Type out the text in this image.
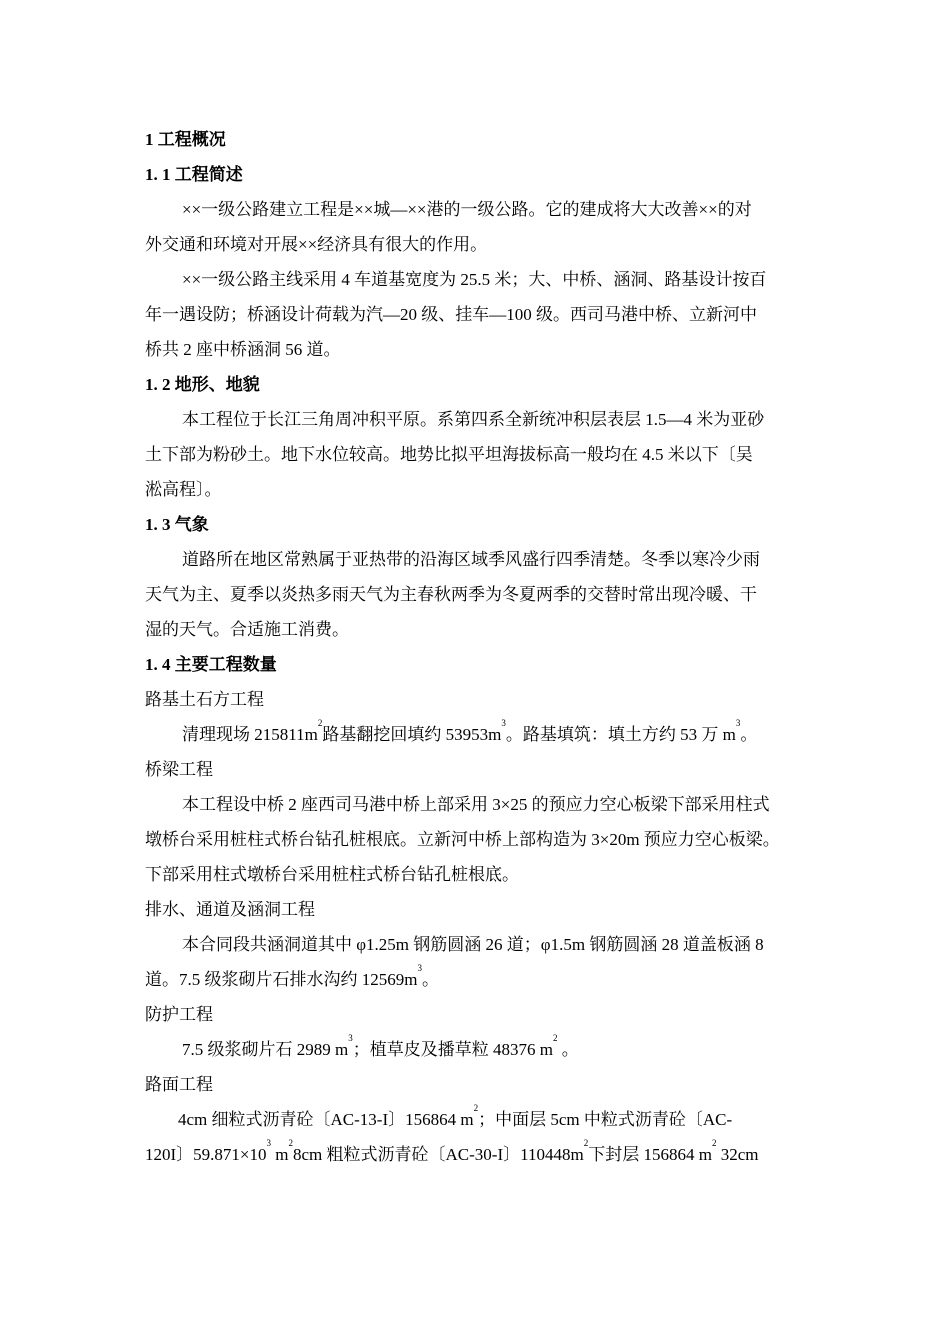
1 工程概况
1. 1 工程简述
××一级公路建立工程是××城—××港的一级公路。它的建成将大大改善××的对
外交通和环境对开展××经济具有很大的作用。
××一级公路主线采用 4 车道基宽度为 25.5 米；大、中桥、涵洞、路基设计按百
年一遇设防；桥涵设计荷载为汽—20 级、挂车—100 级。西司马港中桥、立新河中
桥共 2 座中桥涵洞 56 道。
1. 2 地形、地貌
本工程位于长江三角周冲积平原。系第四系全新统冲积层表层 1.5—4 米为亚砂
土下部为粉砂土。地下水位较高。地势比拟平坦海拔标高一般均在 4.5 米以下〔吴
淞高程〕。
1. 3 气象
道路所在地区常熟属于亚热带的沿海区域季风盛行四季清楚。冬季以寒冷少雨
天气为主、夏季以炎热多雨天气为主春秋两季为冬夏两季的交替时常出现冷暖、干
湿的天气。合适施工消费。
1. 4 主要工程数量
路基土石方工程
清理现场 $215811m^2$路基翻挖回填约 $53953m^3$。路基填筑：填土方约 53 万 $m^3$。
桥梁工程
本工程设中桥 2 座西司马港中桥上部采用 3×25 的预应力空心板梁下部采用柱式
墩桥台采用桩柱式桥台钻孔桩根底。立新河中桥上部构造为 3×20m 预应力空心板梁。
下部采用柱式墩桥台采用桩柱式桥台钻孔桩根底。
排水、通道及涵洞工程
本合同段共涵洞道其中 φ1.25m 钢筋圆涵 26 道；φ1.5m 钢筋圆涵 28 道盖板涵 8
道。7.5 级浆砌片石排水沟约 $12569m^3$。
防护工程
7.5 级浆砌片石 2989 $m^3$；植草皮及播草粒 48376 $m^2$ 。
路面工程
4cm 细粒式沥青砼〔AC-13-I〕156864 $m^2$；中面层 5cm 中粒式沥青砼〔AC-
120I〕$59.871\times 10^3$ $m^28cm$ 粗粒式沥青砼〔AC-30-I〕$110448m^2$下封层 156864 $m^2$ 32cm
